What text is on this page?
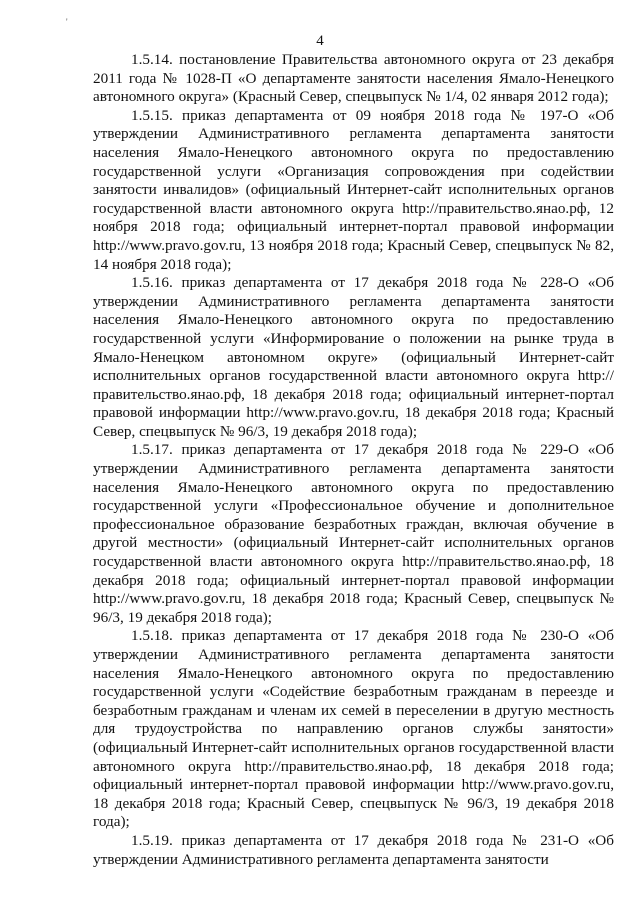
'
4

1.5.14. постановление Правительства автономного округа от 23 декабря 2011 года № 1028-П «О департаменте занятости населения Ямало-Ненецкого автономного округа» (Красный Север, спецвыпуск № 1/4, 02 января 2012 года);

1.5.15. приказ департамента от 09 ноября 2018 года № 197-О «Об утверждении Административного регламента департамента занятости населения Ямало-Ненецкого автономного округа по предоставлению государственной услуги «Организация сопровождения при содействии занятости инвалидов» (официальный Интернет-сайт исполнительных органов государственной власти автономного округа http://правительство.янао.рф, 12 ноября 2018 года; официальный интернет-портал правовой информации http://www.pravo.gov.ru, 13 ноября 2018 года; Красный Север, спецвыпуск № 82, 14 ноября 2018 года);

1.5.16. приказ департамента от 17 декабря 2018 года № 228-О «Об утверждении Административного регламента департамента занятости населения Ямало-Ненецкого автономного округа по предоставлению государственной услуги «Информирование о положении на рынке труда в Ямало-Ненецком автономном округе» (официальный Интернет-сайт исполнительных органов государственной власти автономного округа http://правительство.янао.рф, 18 декабря 2018 года; официальный интернет-портал правовой информации http://www.pravo.gov.ru, 18 декабря 2018 года; Красный Север, спецвыпуск № 96/3, 19 декабря 2018 года);

1.5.17. приказ департамента от 17 декабря 2018 года № 229-О «Об утверждении Административного регламента департамента занятости населения Ямало-Ненецкого автономного округа по предоставлению государственной услуги «Профессиональное обучение и дополнительное профессиональное образование безработных граждан, включая обучение в другой местности» (официальный Интернет-сайт исполнительных органов государственной власти автономного округа http://правительство.янао.рф, 18 декабря 2018 года; официальный интернет-портал правовой информации http://www.pravo.gov.ru, 18 декабря 2018 года; Красный Север, спецвыпуск № 96/3, 19 декабря 2018 года);

1.5.18. приказ департамента от 17 декабря 2018 года № 230-О «Об утверждении Административного регламента департамента занятости населения Ямало-Ненецкого автономного округа по предоставлению государственной услуги «Содействие безработным гражданам в переезде и безработным гражданам и членам их семей в переселении в другую местность для трудоустройства по направлению органов службы занятости» (официальный Интернет-сайт исполнительных органов государственной власти автономного округа http://правительство.янао.рф, 18 декабря 2018 года; официальный интернет-портал правовой информации http://www.pravo.gov.ru, 18 декабря 2018 года; Красный Север, спецвыпуск № 96/3, 19 декабря 2018 года);

1.5.19. приказ департамента от 17 декабря 2018 года № 231-О «Об утверждении Административного регламента департамента занятости
